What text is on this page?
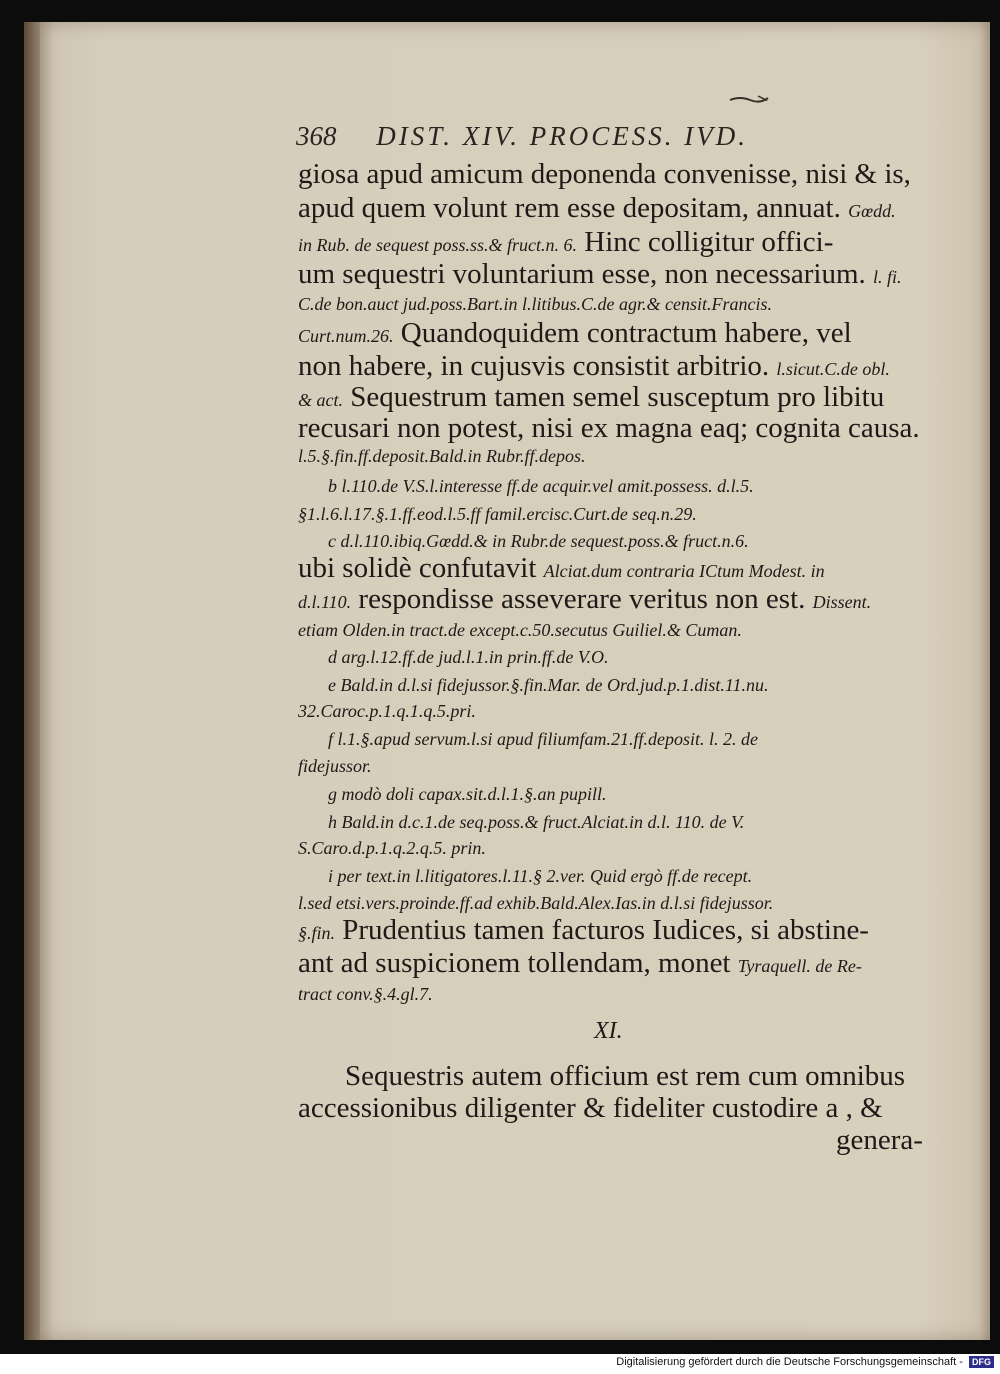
368 DIST. XIV. PROCESS. IVD.
giosa apud amicum deponenda convenisse, nisi & is,
apud quem volunt rem esse depositam, annuat. Gœdd.
in Rub. de sequest poss.ss.& fruct.n. 6. Hinc colligitur offici-
um sequestri voluntarium esse, non necessarium. l. fi.
C.de bon.auct jud.poss.Bart.in l.litibus.C.de agr.& censit.Francis.
Curt.num.26. Quandoquidem contractum habere, vel
non habere, in cujusvis consistit arbitrio. l.sicut.C.de obl.
& act. Sequestrum tamen semel susceptum pro libitu
recusari non potest, nisi ex magna eaq; cognita causa.
l.5.§.fin.ff.deposit.Bald.in Rubr.ff.depos.
b l.110.de V.S.l.interesse ff.de acquir.vel amit.possess. d.l.5.
§1.l.6.l.17.§.1.ff.eod.l.5.ff famil.ercisc.Curt.de seq.n.29.
c d.l.110.ibiq.Gœdd.& in Rubr.de sequest.poss.& fruct.n.6.
ubi solidè confutavit Alciat.dum contraria ICtum Modest. in
d.l.110. respondisse asseverare veritus non est. Dissent.
etiam Olden.in tract.de except.c.50.secutus Guiliel.& Cuman.
d arg.l.12.ff.de jud.l.1.in prin.ff.de V.O.
e Bald.in d.l.si fidejussor.§.fin.Mar. de Ord.jud.p.1.dist.11.nu.
32.Caroc.p.1.q.1.q.5.pri.
f l.1.§.apud servum.l.si apud filiumfam.21.ff.deposit. l. 2. de
fidejussor.
g modò doli capax.sit.d.l.1.§.an pupill.
h Bald.in d.c.1.de seq.poss.& fruct.Alciat.in d.l. 110. de V.
S.Caro.d.p.1.q.2.q.5. prin.
i per text.in l.litigatores.l.11.§ 2.ver. Quid ergò ff.de recept.
l.sed etsi.vers.proinde.ff.ad exhib.Bald.Alex.Ias.in d.l.si fidejussor.
§.fin. Prudentius tamen facturos Iudices, si abstine-
ant ad suspicionem tollendam, monet Tyraquell. de Re-
tract conv.§.4.gl.7.
XI.
Sequestris autem officium est rem cum omnibus
accessionibus diligenter & fideliter custodire a , &
genera-
Digitalisierung gefördert durch die Deutsche Forschungsgemeinschaft - DFG
